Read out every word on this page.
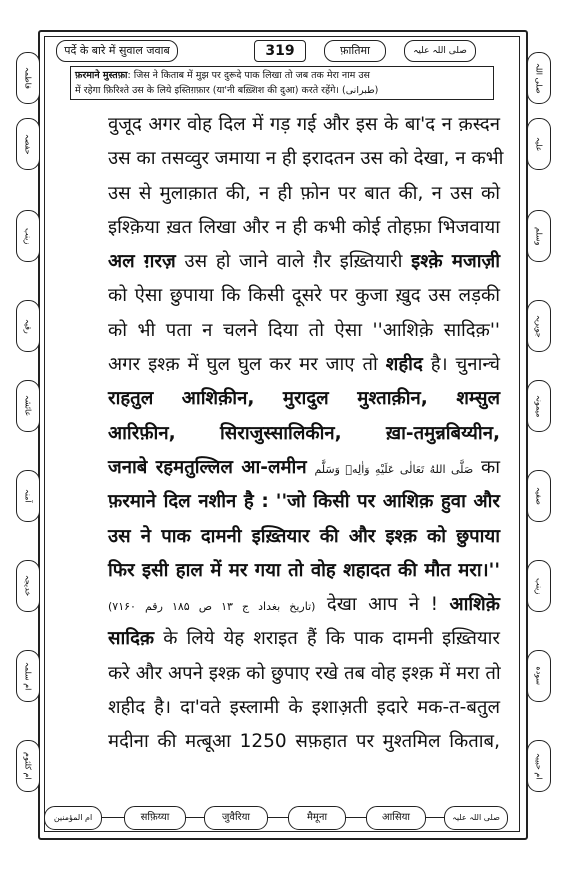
पर्दे के बारे में सुवाल जवाब	319	फ़ातिमा	صلی اللہ علیہ
फ़रमाने मुस्तफ़ा: जिस ने किताब में मुझ पर दुरूदे पाक लिखा तो जब तक मेरा नाम उस
में रहेगा फ़िरिश्ते उस के लिये इस्तिग़फ़ार (या'नी बख़्शिश की दुआ) करते रहेंगे। (طبرانی)
فاطمہ
حفصہ
زینب
رقیہ
عائشہ
آمنہ
خدیجہ
ام سلمہ
ام کلثوم
صلی اللہ
علیہ
وسلم
جویریہ
میمونہ
صفیہ
زینب
سودہ
ام حبیبہ
वुजूद अगर वोह दिल में गड़ गई और इस के बा'द न क़स्दन
उस का तसव्वुर जमाया न ही इरादतन उस को देखा, न कभी
उस से मुलाक़ात की, न ही फ़ोन पर बात की, न उस को
इश्क़िया ख़त लिखा और न ही कभी कोई तोहफ़ा भिजवाया
अल ग़रज़ उस हो जाने वाले ग़ैर इख़्तियारी इश्क़े मजाज़ी
को ऐसा छुपाया कि किसी दूसरे पर कुजा ख़ुद उस लड़की
को भी पता न चलने दिया तो ऐसा ''आशिक़े सादिक़''
अगर इश्क़ में घुल घुल कर मर जाए तो शहीद है। चुनान्चे
राहतुल आशिक़ीन, मुरादुल मुश्ताक़ीन, शम्सुल
आरिफ़ीन, सिराजुस्सालिकीन, ख़ा-तमुन्नबिय्यीन,
जनाबे रहमतुल्लिल आ-लमीन صَلَّى اللهُ تَعَالٰى عَلَيْهِ وَاٰلِهٖ وَسَلَّم का
फ़रमाने दिल नशीन है : ''जो किसी पर आशिक़ हुवा और
उस ने पाक दामनी इख़्तियार की और इश्क़ को छुपाया
फिर इसी हाल में मर गया तो वोह शहादत की मौत मरा।''
(تاریخ بغداد ج ۱۳ ص ۱۸۵ رقم ۷۱۶۰) देखा आप ने ! आशिक़े
सादिक़ के लिये येह शराइत हैं कि पाक दामनी इख़्तियार
करे और अपने इश्क़ को छुपाए रखे तब वोह इश्क़ में मरा तो
शहीद है। दा'वते इस्लामी के इशाअ़ती इदारे मक-त-बतुल
मदीना की मत्बूआ 1250 सफ़हात पर मुश्तमिल किताब,
ام المؤمنین	सफ़िय्या	जुवैरिया	मैमूना	आसिया	صلی اللہ علیہ
